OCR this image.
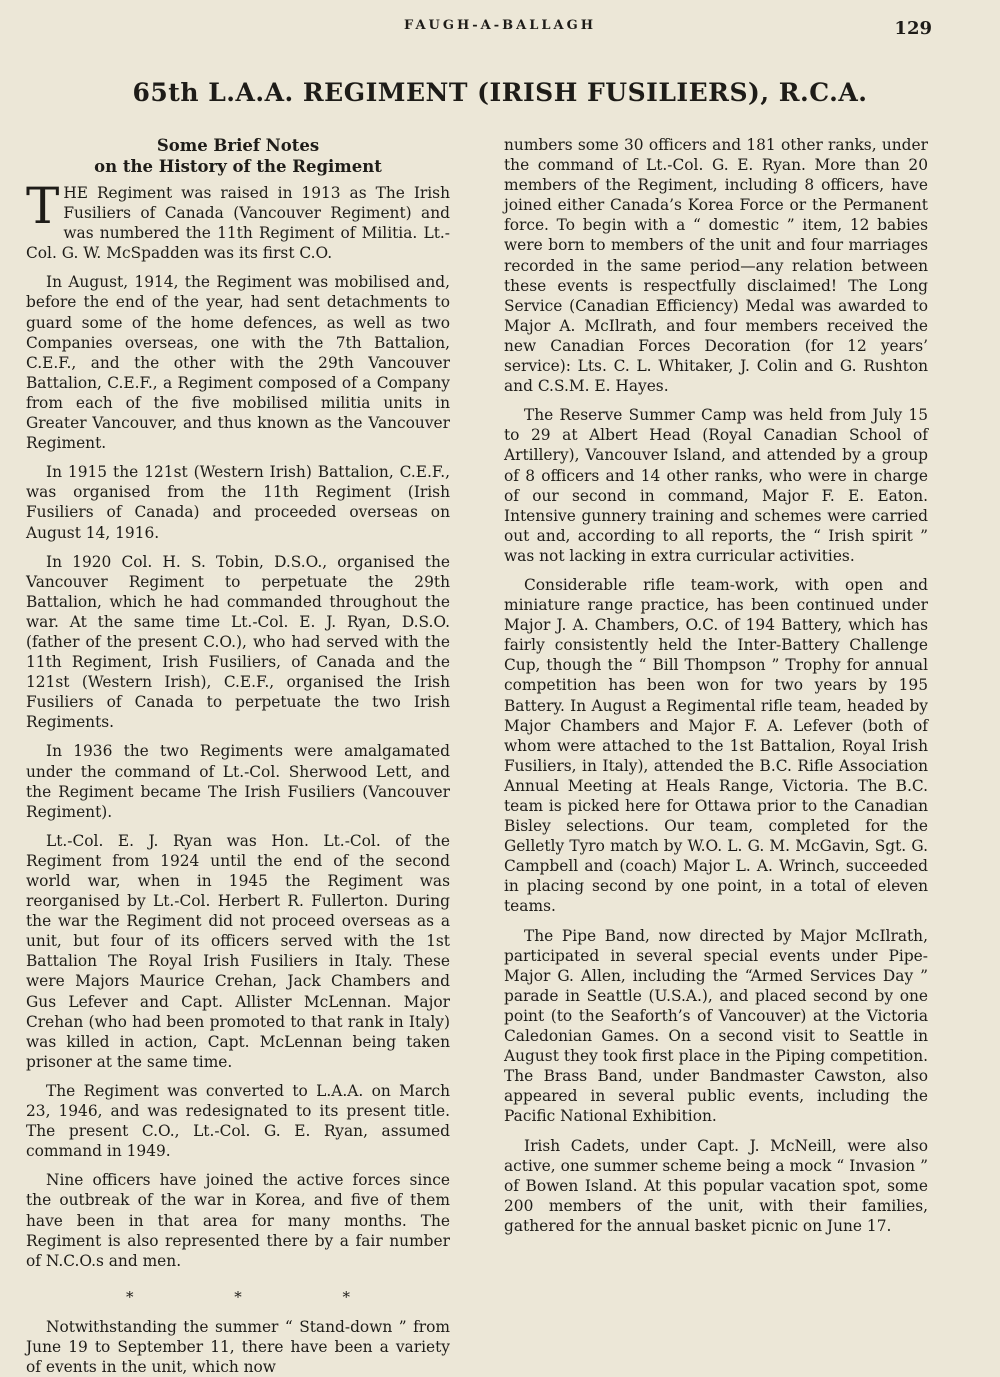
FAUGH-A-BALLAGH	129
65th L.A.A. REGIMENT (IRISH FUSILIERS), R.C.A.
Some Brief Notes
on the History of the Regiment

THE Regiment was raised in 1913 as The Irish Fusiliers of Canada (Vancouver Regiment) and was numbered the 11th Regiment of Militia. Lt.-Col. G. W. McSpadden was its first C.O.

In August, 1914, the Regiment was mobilised and, before the end of the year, had sent detachments to guard some of the home defences, as well as two Companies overseas, one with the 7th Battalion, C.E.F., and the other with the 29th Vancouver Battalion, C.E.F., a Regiment composed of a Company from each of the five mobilised militia units in Greater Vancouver, and thus known as the Vancouver Regiment.

In 1915 the 121st (Western Irish) Battalion, C.E.F., was organised from the 11th Regiment (Irish Fusiliers of Canada) and proceeded overseas on August 14, 1916.

In 1920 Col. H. S. Tobin, D.S.O., organised the Vancouver Regiment to perpetuate the 29th Battalion, which he had commanded throughout the war. At the same time Lt.-Col. E. J. Ryan, D.S.O. (father of the present C.O.), who had served with the 11th Regiment, Irish Fusiliers, of Canada and the 121st (Western Irish), C.E.F., organised the Irish Fusiliers of Canada to perpetuate the two Irish Regiments.

In 1936 the two Regiments were amalgamated under the command of Lt.-Col. Sherwood Lett, and the Regiment became The Irish Fusiliers (Vancouver Regiment).

Lt.-Col. E. J. Ryan was Hon. Lt.-Col. of the Regiment from 1924 until the end of the second world war, when in 1945 the Regiment was reorganised by Lt.-Col. Herbert R. Fullerton. During the war the Regiment did not proceed overseas as a unit, but four of its officers served with the 1st Battalion The Royal Irish Fusiliers in Italy. These were Majors Maurice Crehan, Jack Chambers and Gus Lefever and Capt. Allister McLennan. Major Crehan (who had been promoted to that rank in Italy) was killed in action, Capt. McLennan being taken prisoner at the same time.

The Regiment was converted to L.A.A. on March 23, 1946, and was redesignated to its present title. The present C.O., Lt.-Col. G. E. Ryan, assumed command in 1949.

Nine officers have joined the active forces since the outbreak of the war in Korea, and five of them have been in that area for many months. The Regiment is also represented there by a fair number of N.C.O.s and men.

* * *

Notwithstanding the summer “ Stand-down ” from June 19 to September 11, there have been a variety of events in the unit, which now

numbers some 30 officers and 181 other ranks, under the command of Lt.-Col. G. E. Ryan. More than 20 members of the Regiment, including 8 officers, have joined either Canada’s Korea Force or the Permanent force. To begin with a “ domestic ” item, 12 babies were born to members of the unit and four marriages recorded in the same period—any relation between these events is respectfully disclaimed! The Long Service (Canadian Efficiency) Medal was awarded to Major A. McIlrath, and four members received the new Canadian Forces Decoration (for 12 years’ service): Lts. C. L. Whitaker, J. Colin and G. Rushton and C.S.M. E. Hayes.

The Reserve Summer Camp was held from July 15 to 29 at Albert Head (Royal Canadian School of Artillery), Vancouver Island, and attended by a group of 8 officers and 14 other ranks, who were in charge of our second in command, Major F. E. Eaton. Intensive gunnery training and schemes were carried out and, according to all reports, the “ Irish spirit ” was not lacking in extra curricular activities.

Considerable rifle team-work, with open and miniature range practice, has been continued under Major J. A. Chambers, O.C. of 194 Battery, which has fairly consistently held the Inter-Battery Challenge Cup, though the “ Bill Thompson ” Trophy for annual competition has been won for two years by 195 Battery. In August a Regimental rifle team, headed by Major Chambers and Major F. A. Lefever (both of whom were attached to the 1st Battalion, Royal Irish Fusiliers, in Italy), attended the B.C. Rifle Association Annual Meeting at Heals Range, Victoria. The B.C. team is picked here for Ottawa prior to the Canadian Bisley selections. Our team, completed for the Gelletly Tyro match by W.O. L. G. M. McGavin, Sgt. G. Campbell and (coach) Major L. A. Wrinch, succeeded in placing second by one point, in a total of eleven teams.

The Pipe Band, now directed by Major McIlrath, participated in several special events under Pipe-Major G. Allen, including the “Armed Services Day ” parade in Seattle (U.S.A.), and placed second by one point (to the Seaforth’s of Vancouver) at the Victoria Caledonian Games. On a second visit to Seattle in August they took first place in the Piping competition. The Brass Band, under Bandmaster Cawston, also appeared in several public events, including the Pacific National Exhibition.

Irish Cadets, under Capt. J. McNeill, were also active, one summer scheme being a mock “ Invasion ” of Bowen Island. At this popular vacation spot, some 200 members of the unit, with their families, gathered for the annual basket picnic on June 17.
